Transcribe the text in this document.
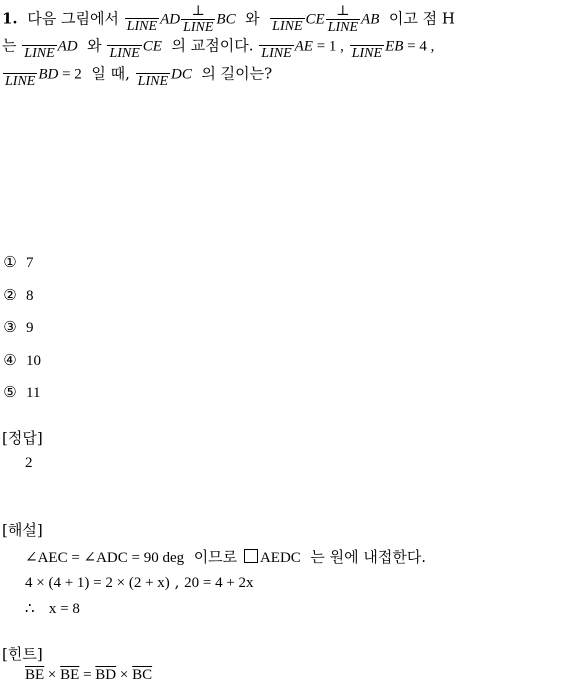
1. 다음 그림에서 LINE AD $\frac{\perp}{\text{LINE}}$ BC 와 LINE CE $\frac{\perp}{\text{LINE}}$ AB 이고 점 H
는 LINE AD 와 LINE CE 의 교점이다. LINE AE = 1 , LINE EB = 4 ,
LINE BD = 2 일 때, LINE DC 의 길이는?
① 7
② 8
③ 9
④ 10
⑤ 11
[정답]
2
[해설]
∠AEC = ∠ADC = 90 deg 이므로 AEDC 는 원에 내접한다.
4 × (4 + 1) = 2 × (2 + x) , 20 = 4 + 2x
∴ x = 8
[힌트]
$\overline{BE} \times \overline{BE} = \overline{BD} \times \overline{BC}$
